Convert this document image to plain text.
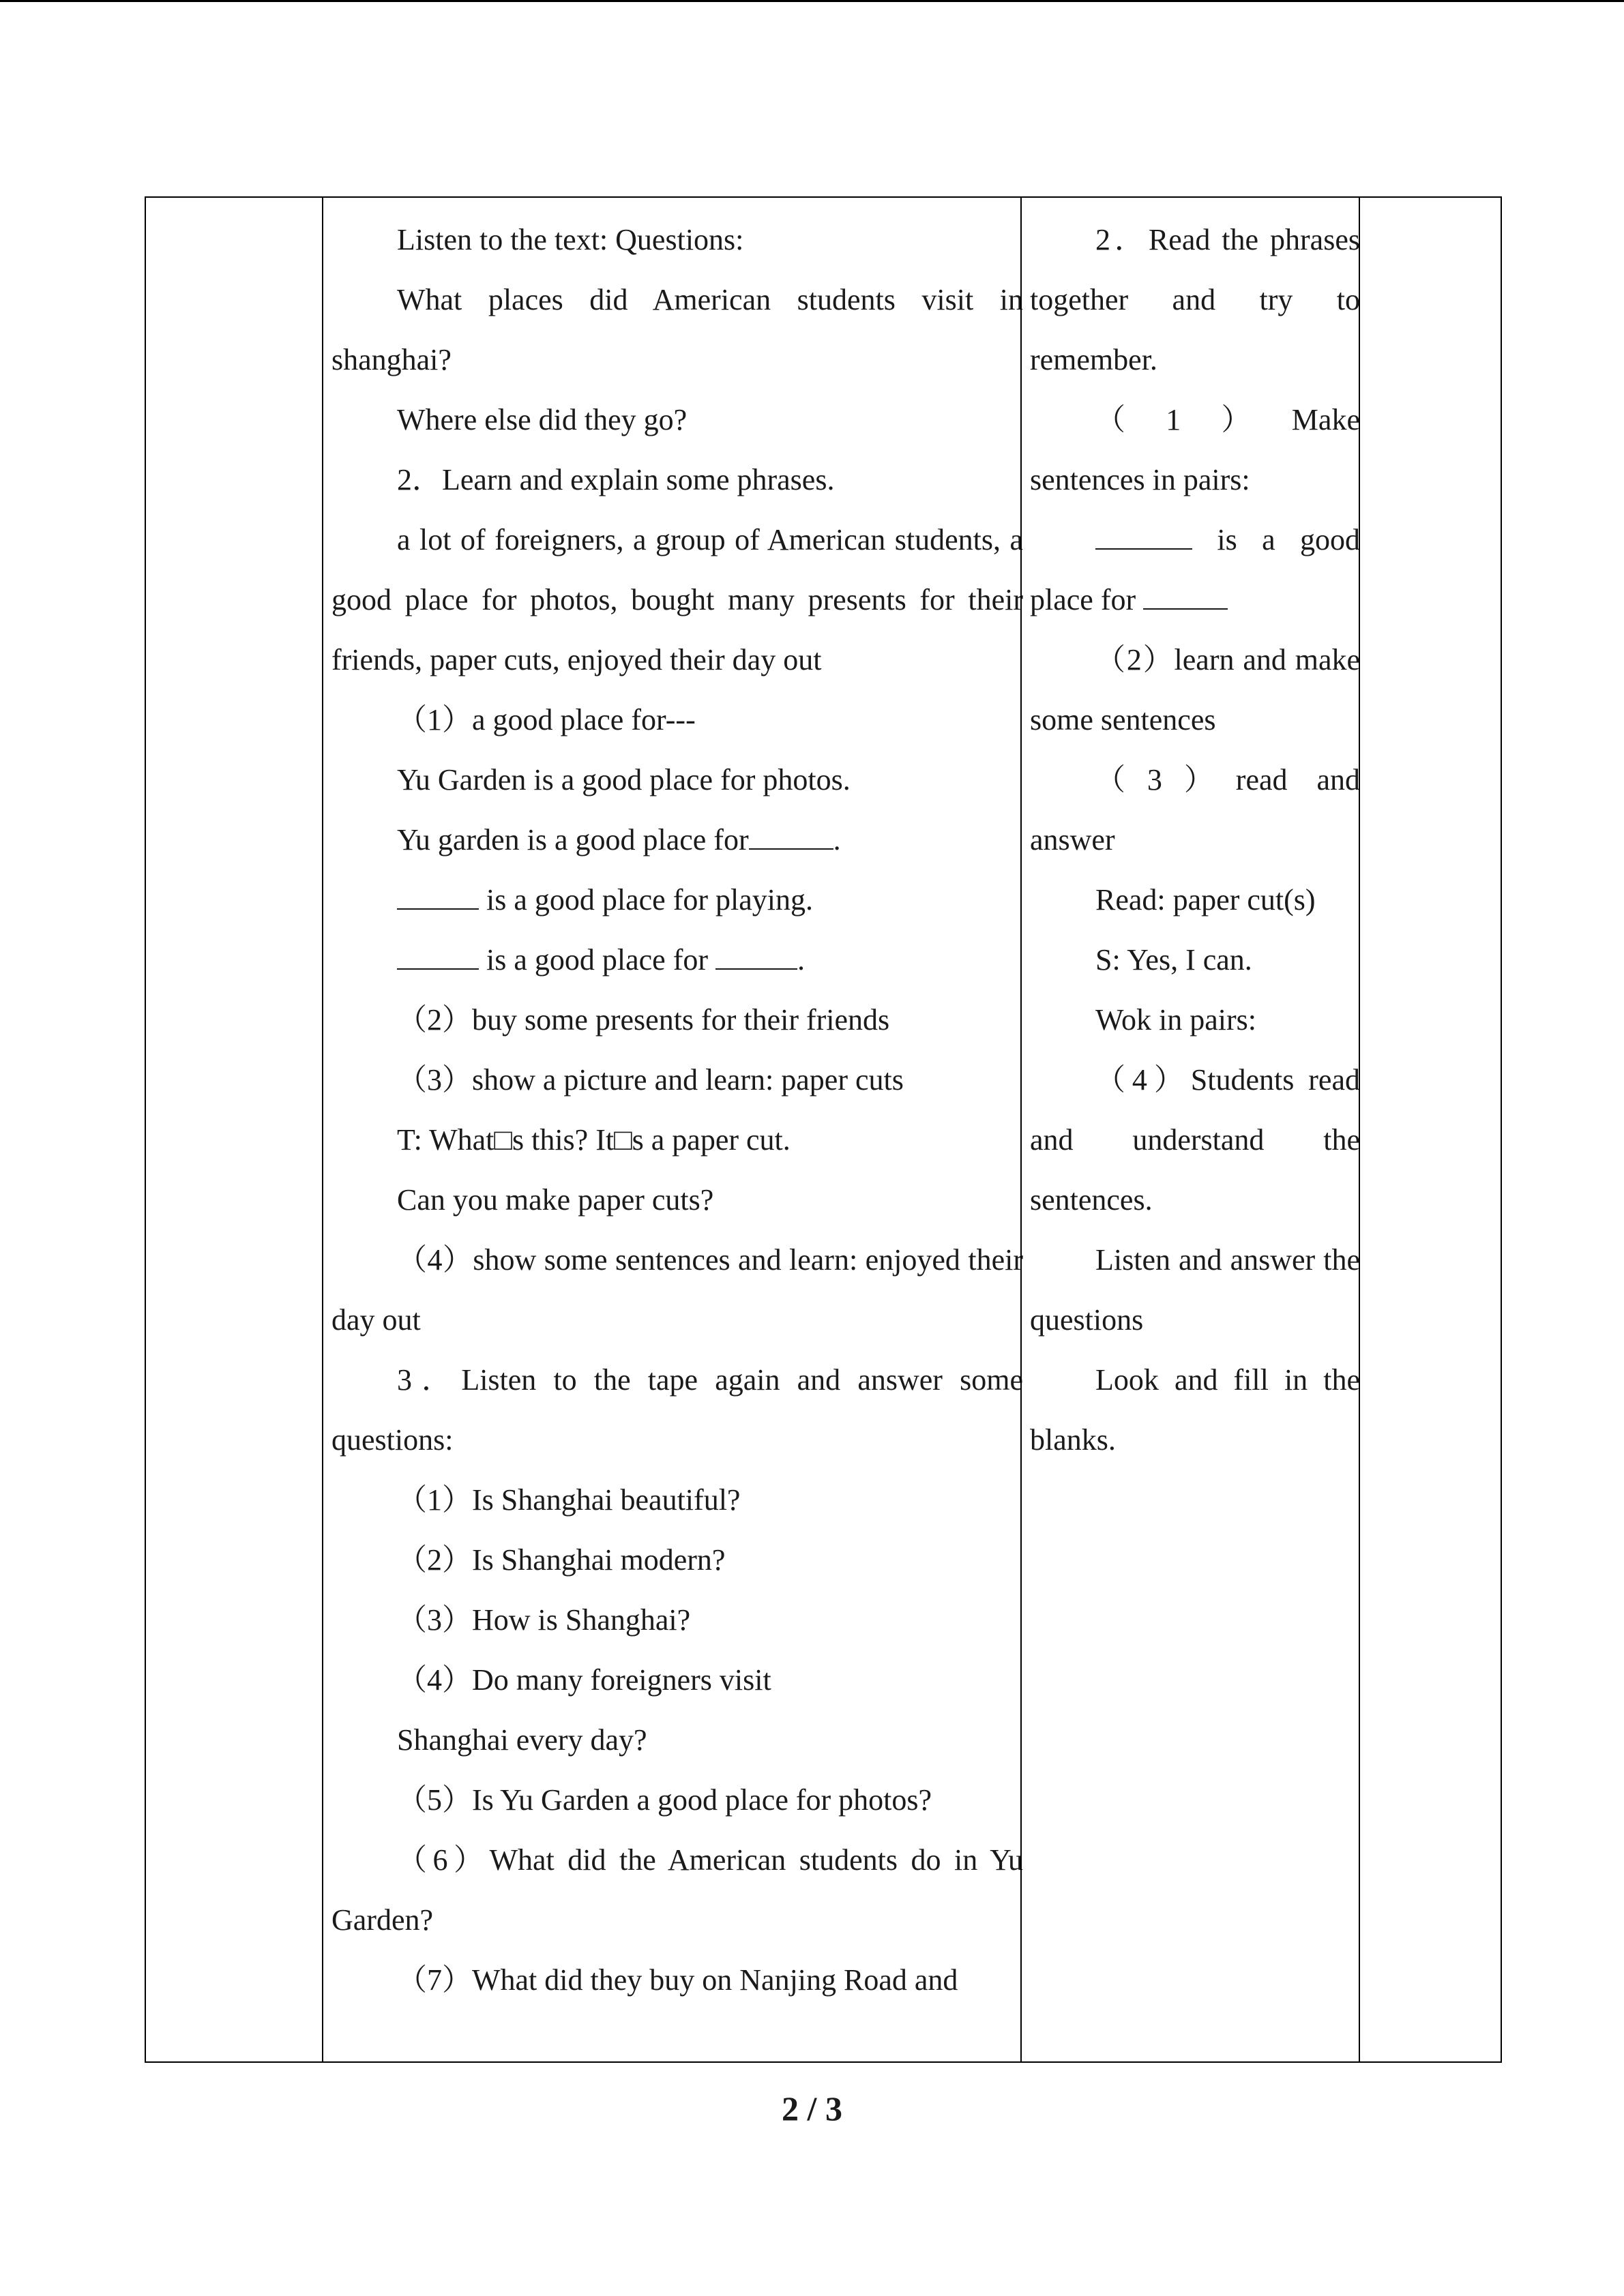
Listen to the text: Questions:

What places did American students visit in shanghai?

Where else did they go?

2．Learn and explain some phrases.

a lot of foreigners, a group of American students, a good place for photos, bought many presents for their friends, paper cuts, enjoyed their day out

（1）a good place for---

Yu Garden is a good place for photos.

Yu garden is a good place for	.

is a good place for playing.

is a good place for	.

（2）buy some presents for their friends

（3）show a picture and learn: paper cuts

T: What□s this? It□s a paper cut.

Can you make paper cuts?

（4）show some sentences and learn: enjoyed their day out

3．Listen to the tape again and answer some questions:

（1）Is Shanghai beautiful?

（2）Is Shanghai modern?

（3）How is Shanghai?

（4）Do many foreigners visit

Shanghai every day?

（5）Is Yu Garden a good place for photos?

（6）What did the American students do in Yu Garden?

（7）What did they buy on Nanjing Road and

2．Read the phrases together and try to remember.

（1）Make sentences in pairs:

is a good place for

（2）learn and make some sentences

（3）read and answer

Read: paper cut(s)

S: Yes, I can.

Wok in pairs:

（4）Students read and understand the sentences.

Listen and answer the questions

Look and fill in the blanks.

2 / 3
